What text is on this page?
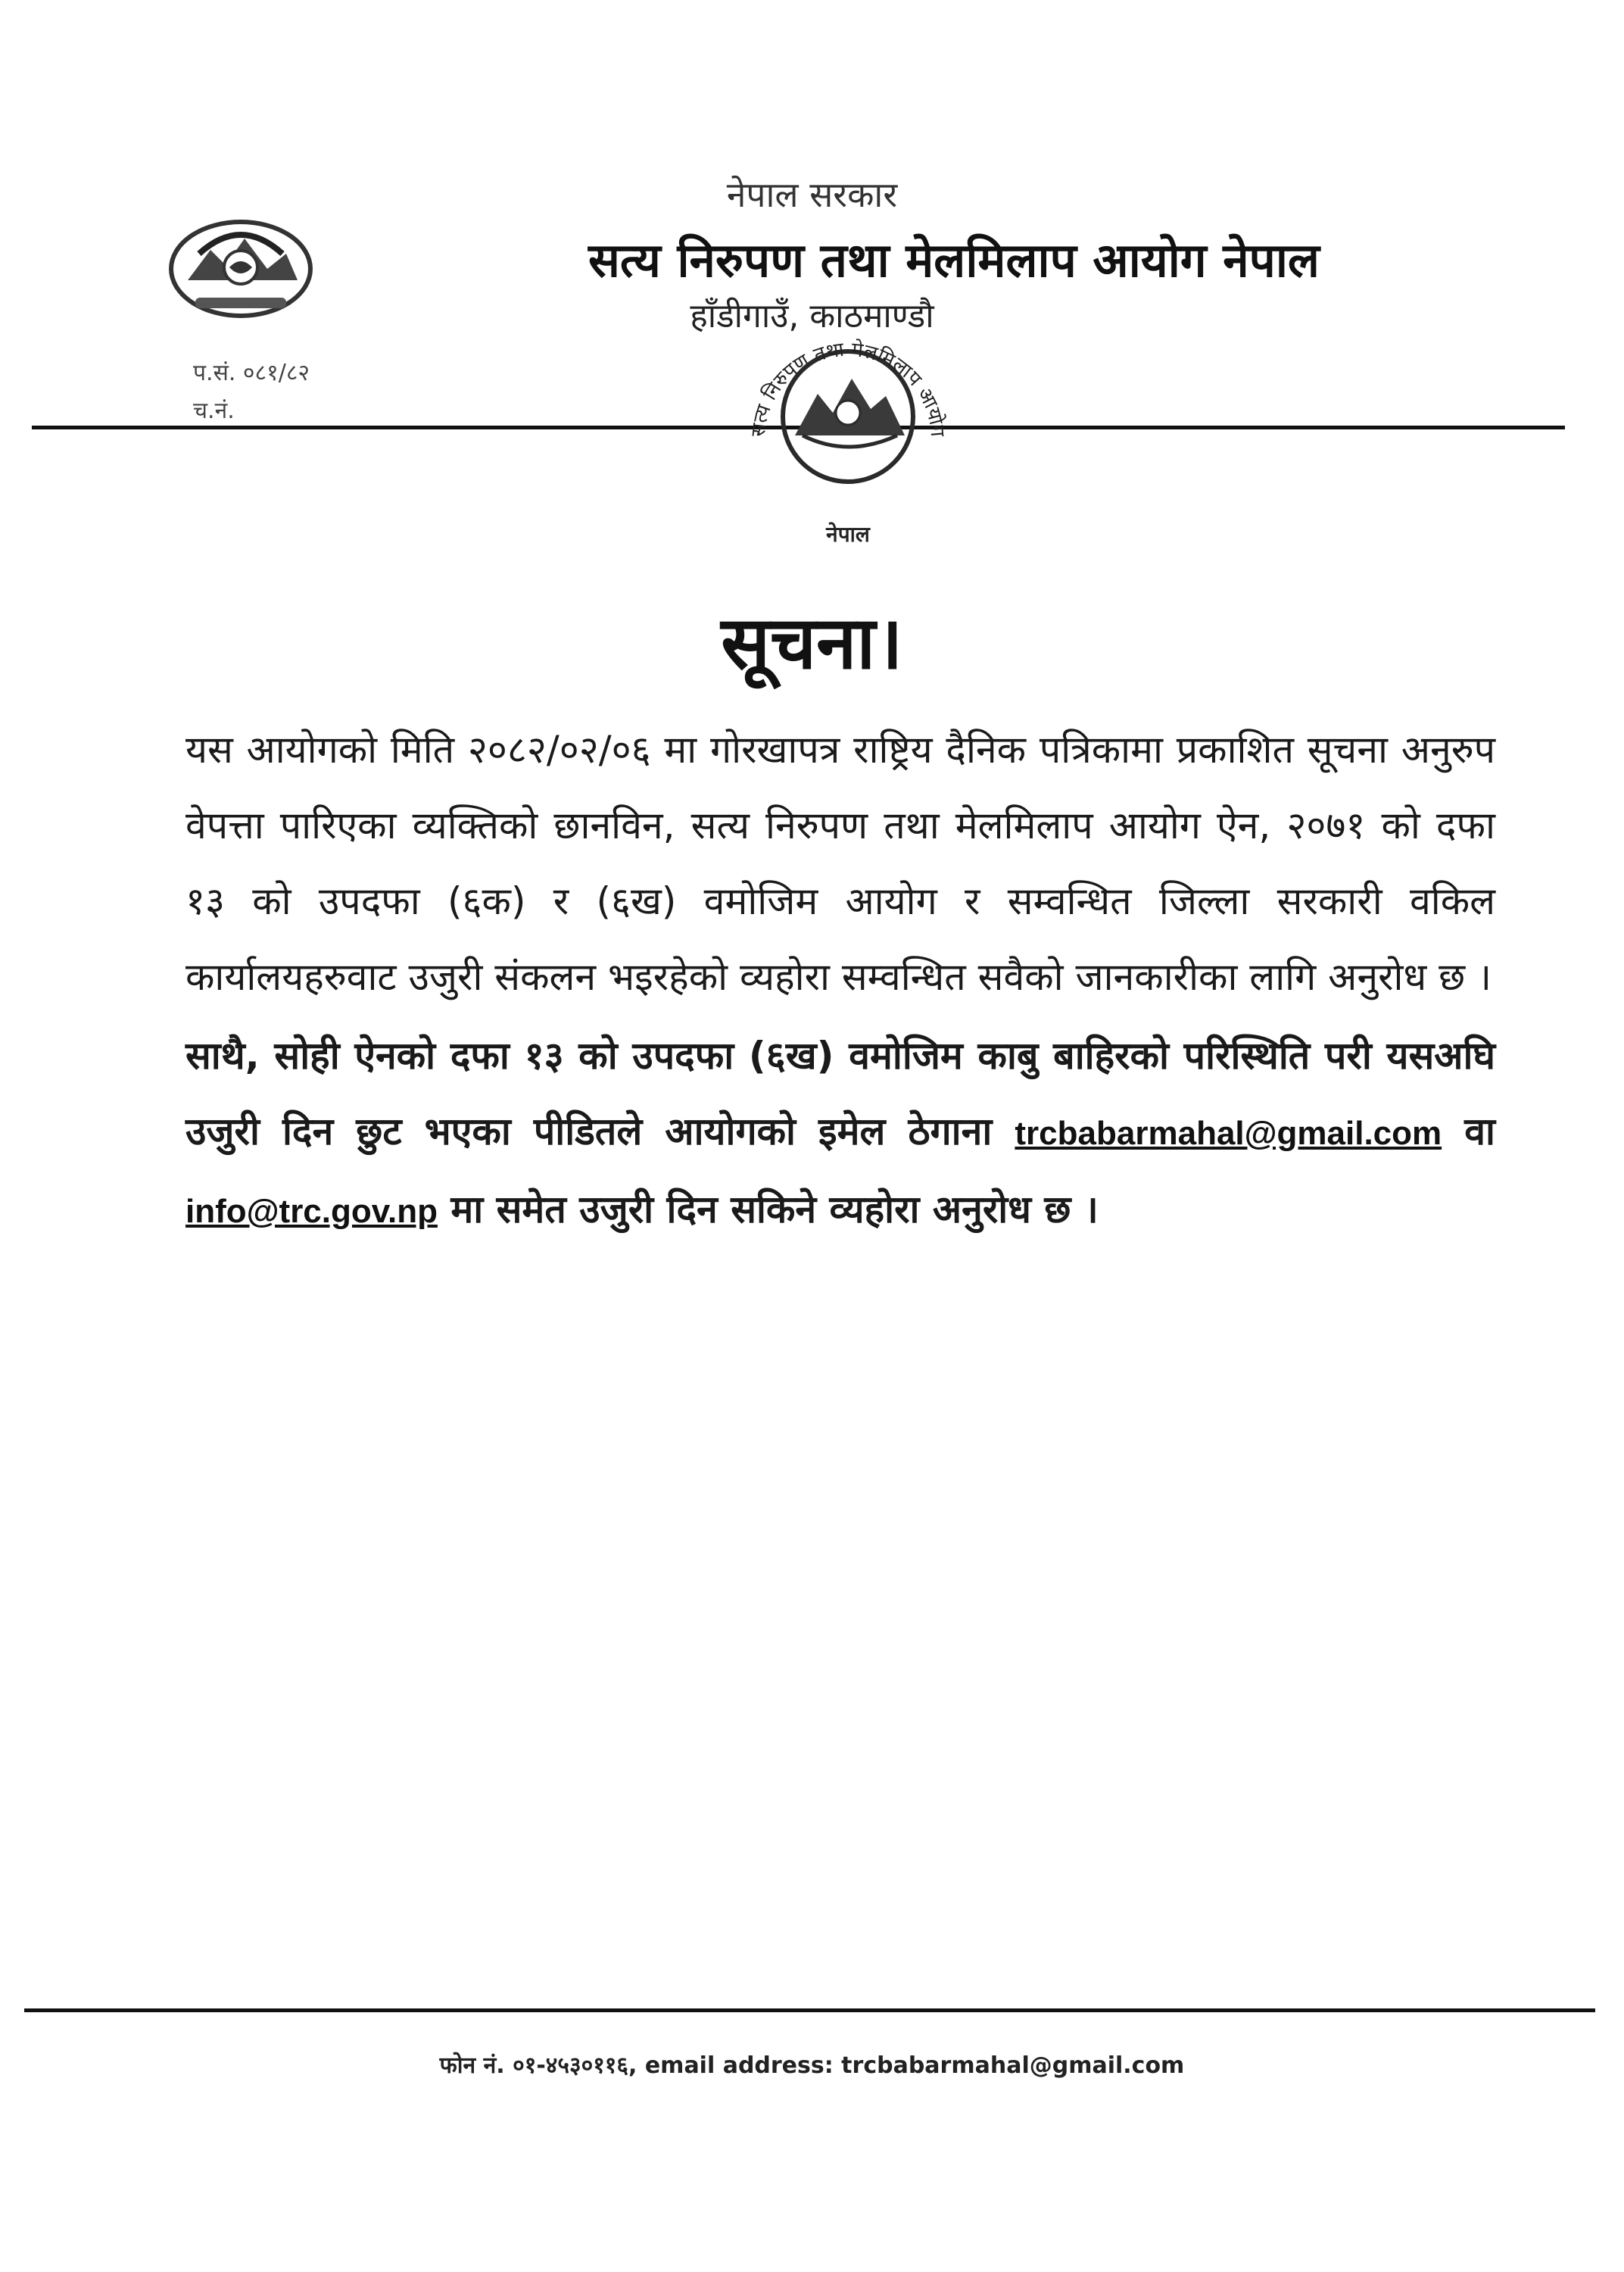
नेपाल सरकार
सत्य निरुपण तथा मेलमिलाप आयोग नेपाल
हाँडीगाउँ, काठमाण्डौ
प.सं. ०८१/८२
च.नं.
सत्य निरुपण तथा मेलमिलाप आयोग
नेपाल
सूचना।

यस आयोगको मिति २०८२/०२/०६ मा गोरखापत्र राष्ट्रिय दैनिक पत्रिकामा प्रकाशित सूचना अनुरुप वेपत्ता पारिएका व्यक्तिको छानविन, सत्य निरुपण तथा मेलमिलाप आयोग ऐन, २०७१ को दफा १३ को उपदफा (६क) र (६ख) वमोजिम आयोग र सम्वन्धित जिल्ला सरकारी वकिल कार्यालयहरुवाट उजुरी संकलन भइरहेको व्यहोरा सम्वन्धित सवैको जानकारीका लागि अनुरोध छ ।

साथै, सोही ऐनको दफा १३ को उपदफा (६ख) वमोजिम काबु बाहिरको परिस्थिति परी यसअघि उजुरी दिन छुट भएका पीडितले आयोगको इमेल ठेगाना trcbabarmahal@gmail.com वा info@trc.gov.np मा समेत उजुरी दिन सकिने व्यहोरा अनुरोध छ ।

फोन नं. ०१-४५३०११६, email address: trcbabarmahal@gmail.com
